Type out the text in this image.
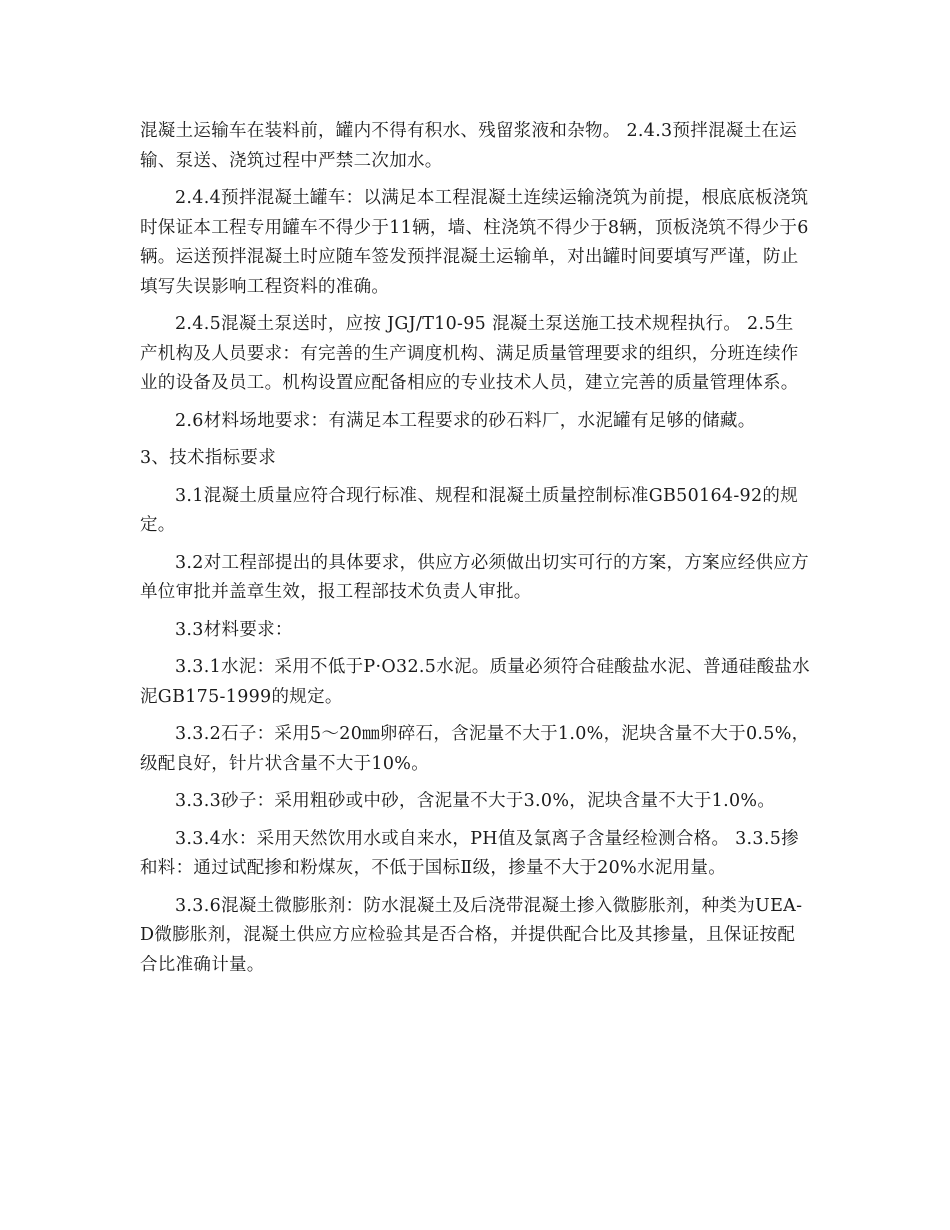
混凝土运输车在装料前，罐内不得有积水、残留浆液和杂物。 2.4.3预拌混凝土在运输、泵送、浇筑过程中严禁二次加水。

2.4.4预拌混凝土罐车：以满足本工程混凝土连续运输浇筑为前提，根底底板浇筑时保证本工程专用罐车不得少于11辆，墙、柱浇筑不得少于8辆，顶板浇筑不得少于6辆。运送预拌混凝土时应随车签发预拌混凝土运输单，对出罐时间要填写严谨，防止填写失误影响工程资料的准确。

2.4.5混凝土泵送时，应按 JGJ/T10-95 混凝土泵送施工技术规程执行。 2.5生产机构及人员要求：有完善的生产调度机构、满足质量管理要求的组织，分班连续作业的设备及员工。机构设置应配备相应的专业技术人员，建立完善的质量管理体系。

2.6材料场地要求：有满足本工程要求的砂石料厂，水泥罐有足够的储藏。

3、技术指标要求

3.1混凝土质量应符合现行标准、规程和混凝土质量控制标准GB50164-92的规定。

3.2对工程部提出的具体要求，供应方必须做出切实可行的方案，方案应经供应方单位审批并盖章生效，报工程部技术负责人审批。

3.3材料要求：

3.3.1水泥：采用不低于P·O32.5水泥。质量必须符合硅酸盐水泥、普通硅酸盐水泥GB175-1999的规定。

3.3.2石子：采用5～20㎜卵碎石，含泥量不大于1.0%，泥块含量不大于0.5%，级配良好，针片状含量不大于10%。

3.3.3砂子：采用粗砂或中砂，含泥量不大于3.0%，泥块含量不大于1.0%。

3.3.4水：采用天然饮用水或自来水，PH值及氯离子含量经检测合格。 3.3.5掺和料：通过试配掺和粉煤灰，不低于国标Ⅱ级，掺量不大于20%水泥用量。

3.3.6混凝土微膨胀剂：防水混凝土及后浇带混凝土掺入微膨胀剂，种类为UEA-D微膨胀剂，混凝土供应方应检验其是否合格，并提供配合比及其掺量，且保证按配合比准确计量。
